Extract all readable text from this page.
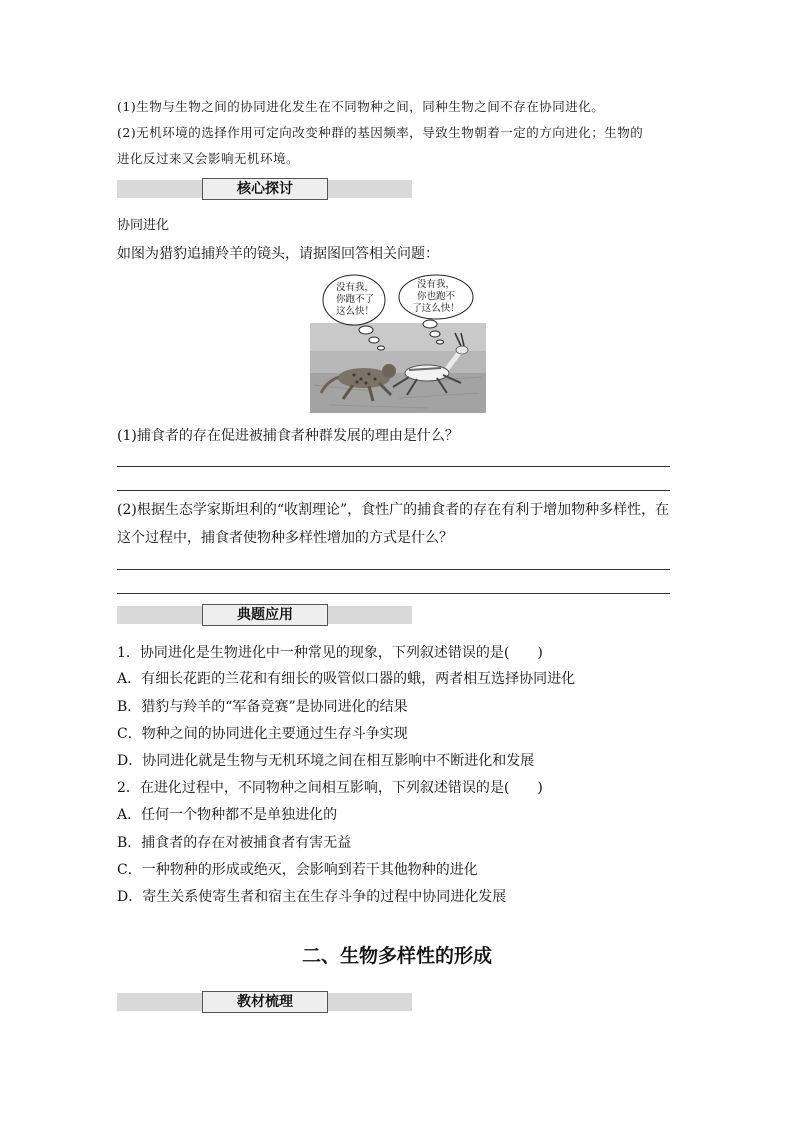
(1)生物与生物之间的协同进化发生在不同物种之间，同种生物之间不存在协同进化。
(2)无机环境的选择作用可定向改变种群的基因频率，导致生物朝着一定的方向进化；生物的
进化反过来又会影响无机环境。
核心探讨
协同进化
如图为猎豹追捕羚羊的镜头，请据图回答相关问题：
没有我，
你跑不了
这么快！
没有我，
你也跑不
了这么快！
(1)捕食者的存在促进被捕食者种群发展的理由是什么？
(2)根据生态学家斯坦利的“收割理论”，食性广的捕食者的存在有利于增加物种多样性，在
这个过程中，捕食者使物种多样性增加的方式是什么？
典题应用
1．协同进化是生物进化中一种常见的现象，下列叙述错误的是(　　)
A．有细长花距的兰花和有细长的吸管似口器的蛾，两者相互选择协同进化
B．猎豹与羚羊的“军备竞赛”是协同进化的结果
C．物种之间的协同进化主要通过生存斗争实现
D．协同进化就是生物与无机环境之间在相互影响中不断进化和发展
2．在进化过程中，不同物种之间相互影响，下列叙述错误的是(　　)
A．任何一个物种都不是单独进化的
B．捕食者的存在对被捕食者有害无益
C．一种物种的形成或绝灭，会影响到若干其他物种的进化
D．寄生关系使寄生者和宿主在生存斗争的过程中协同进化发展
二、生物多样性的形成
教材梳理
